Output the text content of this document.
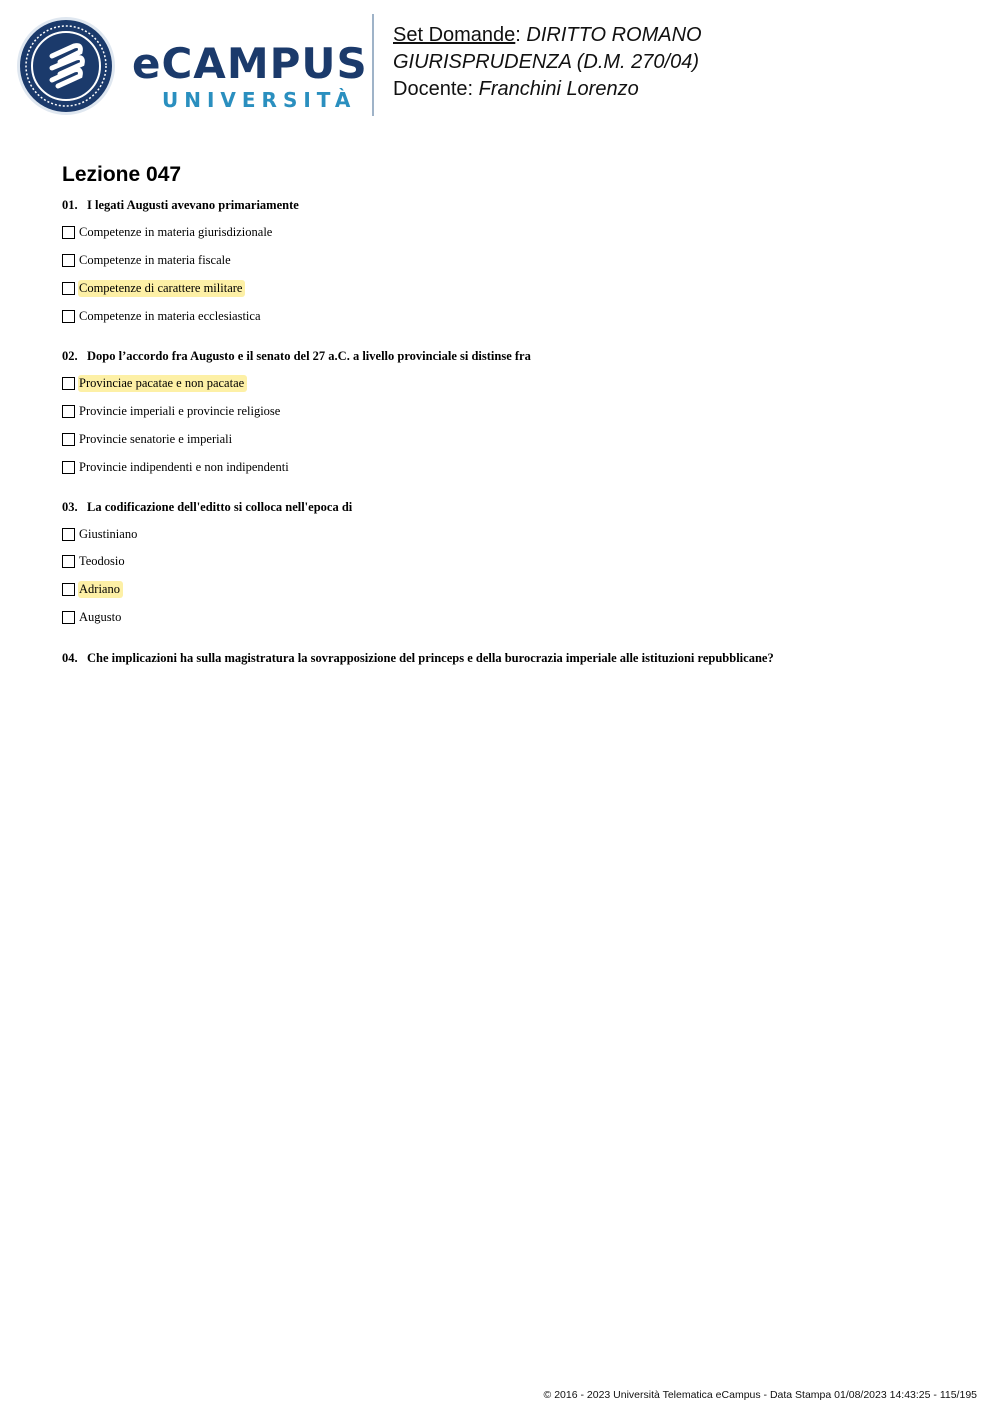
eCAMPUS
UNIVERSITÀ
Set Domande: DIRITTO ROMANO
GIURISPRUDENZA (D.M. 270/04)
Docente: Franchini Lorenzo
Lezione 047
01. I legati Augusti avevano primariamente
Competenze in materia giurisdizionale
Competenze in materia fiscale
Competenze di carattere militare
Competenze in materia ecclesiastica
02. Dopo l’accordo fra Augusto e il senato del 27 a.C. a livello provinciale si distinse fra
Provinciae pacatae e non pacatae
Provincie imperiali e provincie religiose
Provincie senatorie e imperiali
Provincie indipendenti e non indipendenti
03. La codificazione dell'editto si colloca nell'epoca di
Giustiniano
Teodosio
Adriano
Augusto
04. Che implicazioni ha sulla magistratura la sovrapposizione del princeps e della burocrazia imperiale alle istituzioni repubblicane?
© 2016 - 2023 Università Telematica eCampus - Data Stampa 01/08/2023 14:43:25 - 115/195
